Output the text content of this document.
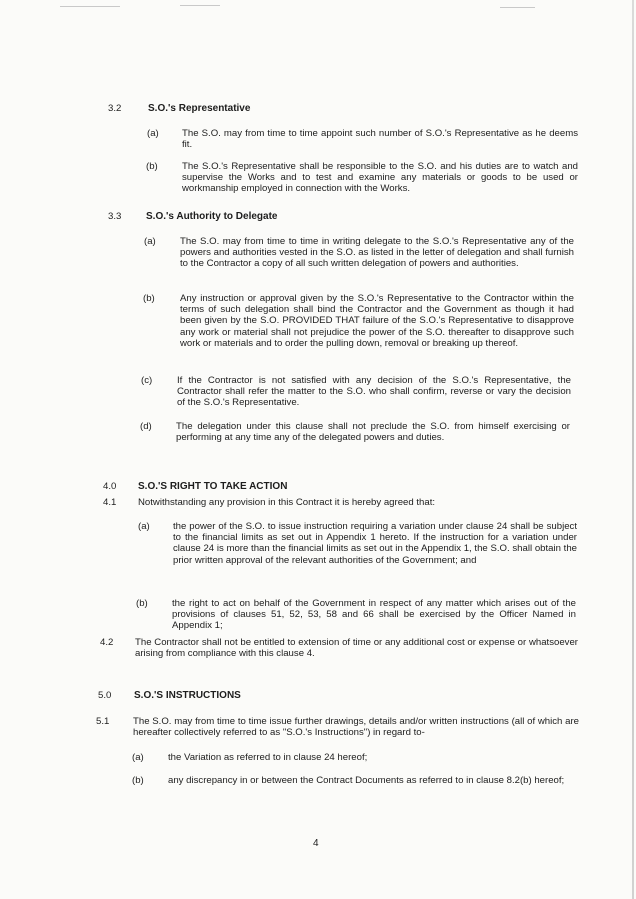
3.2	S.O.'s Representative
(a) The S.O. may from time to time appoint such number of S.O.'s Representative as he deems fit.
(b)	The S.O.'s Representative shall be responsible to the S.O. and his duties are to watch and supervise the Works and to test and examine any materials or goods to be used or workmanship employed in connection with the Works.
3.3 S.O.'s Authority to Delegate
(a)	The S.O. may from time to time in writing delegate to the S.O.'s Representative any of the powers and authorities vested in the S.O. as listed in the letter of delegation and shall furnish to the Contractor a copy of all such written delegation of powers and authorities.
(b)	Any instruction or approval given by the S.O.'s Representative to the Contractor within the terms of such delegation shall bind the Contractor and the Government as though it had been given by the S.O. PROVIDED THAT failure of the S.O.'s Representative to disapprove any work or material shall not prejudice the power of the S.O. thereafter to disapprove such work or materials and to order the pulling down, removal or breaking up thereof.
(c)	If the Contractor is not satisfied with any decision of the S.O.'s Representative, the Contractor shall refer the matter to the S.O. who shall confirm, reverse or vary the decision of the S.O.'s Representative.
(d)	The delegation under this clause shall not preclude the S.O. from himself exercising or performing at any time any of the delegated powers and duties.
4.0 S.O.'S RIGHT TO TAKE ACTION
4.1 Notwithstanding any provision in this Contract it is hereby agreed that:
(a) the power of the S.O. to issue instruction requiring a variation under clause 24 shall be subject to the financial limits as set out in Appendix 1 hereto. If the instruction for a variation under clause 24 is more than the financial limits as set out in the Appendix 1, the S.O. shall obtain the prior written approval of the relevant authorities of the Government; and
(b)	the right to act on behalf of the Government in respect of any matter which arises out of the provisions of clauses 51, 52, 53, 58 and 66 shall be exercised by the Officer Named in Appendix 1;
4.2 The Contractor shall not be entitled to extension of time or any additional cost or expense or whatsoever arising from compliance with this clause 4.
5.0 S.O.'S INSTRUCTIONS
5.1 The S.O. may from time to time issue further drawings, details and/or written instructions (all of which are hereafter collectively referred to as "S.O.'s Instructions") in regard to-
(a)	the Variation as referred to in clause 24 hereof;
(b)	any discrepancy in or between the Contract Documents as referred to in clause 8.2(b) hereof;
4
